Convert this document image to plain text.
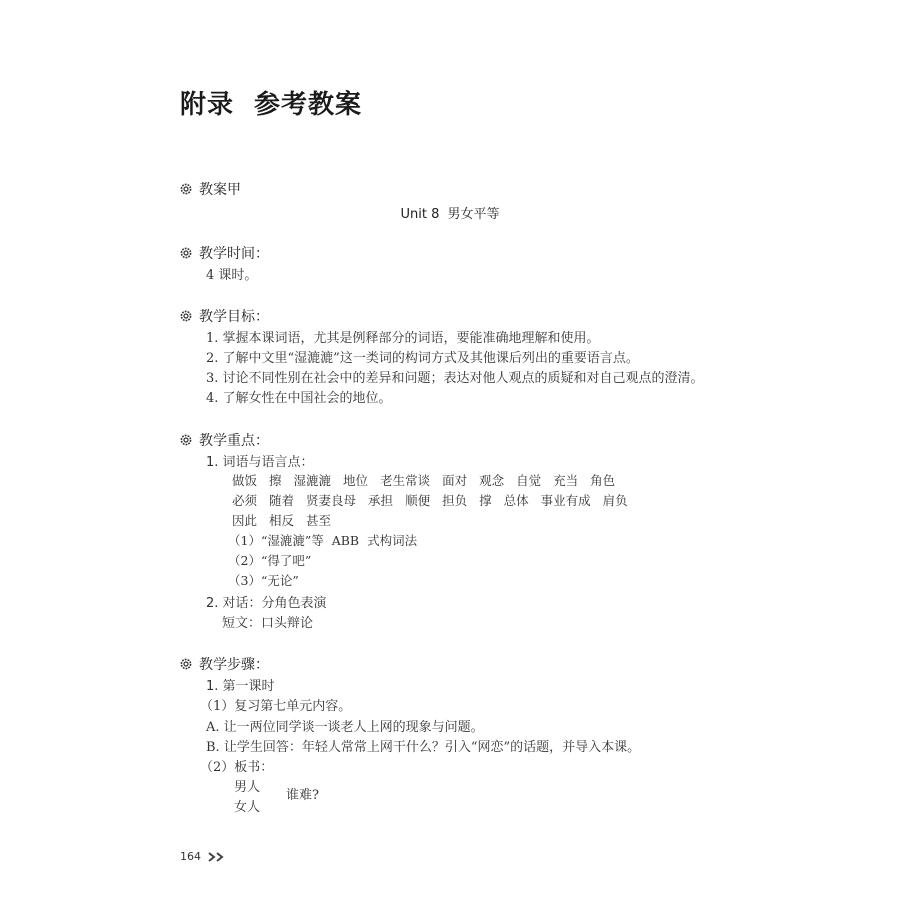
附录 参考教案
教案甲
Unit 8 男女平等
教学时间：
4 课时。
教学目标：
1. 掌握本课词语，尤其是例释部分的词语，要能准确地理解和使用。
2. 了解中文里“湿漉漉”这一类词的构词方式及其他课后列出的重要语言点。
3. 讨论不同性别在社会中的差异和问题；表达对他人观点的质疑和对自己观点的澄清。
4. 了解女性在中国社会的地位。
教学重点：
1. 词语与语言点：
做饭 擦 湿漉漉 地位 老生常谈 面对 观念 自觉 充当 角色
必须 随着 贤妻良母 承担 顺便 担负 撑 总体 事业有成 肩负
因此 相反 甚至
（1）“湿漉漉”等 ABB 式构词法
（2）“得了吧”
（3）“无论”
2. 对话：分角色表演
短文：口头辩论
教学步骤：
1. 第一课时
（1）复习第七单元内容。
A. 让一两位同学谈一谈老人上网的现象与问题。
B. 让学生回答：年轻人常常上网干什么？引入“网恋”的话题，并导入本课。
（2）板书：
男人
女人
谁难?
164
